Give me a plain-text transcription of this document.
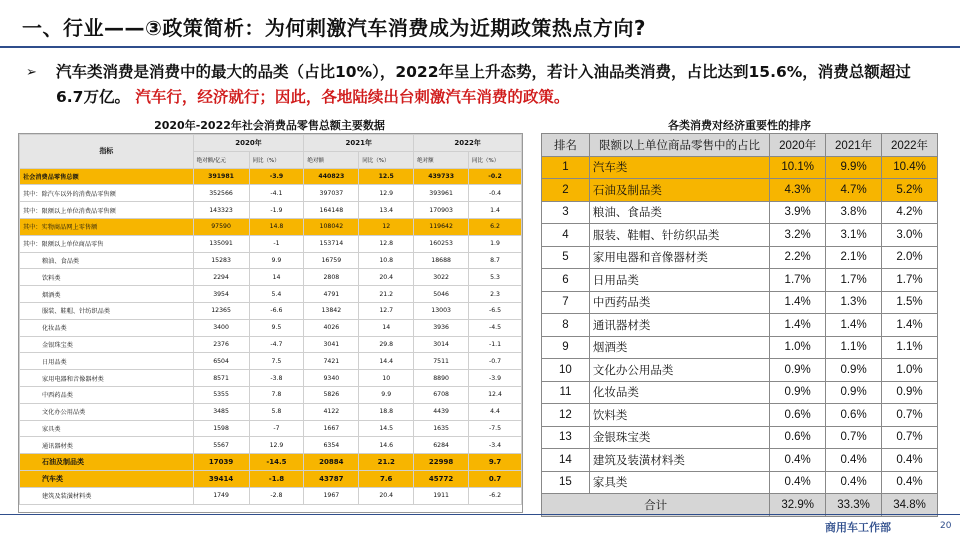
一、行业——③政策简析：为何刺激汽车消费成为近期政策热点方向?
➢ 汽车类消费是消费中的最大的品类（占比10%），2022年呈上升态势，若计入油品类消费，占比达到15.6%，消费总额超过6.7万亿。 汽车行，经济就行；因此，各地陆续出台刺激汽车消费的政策。
2020年-2022年社会消费品零售总额主要数据	各类消费对经济重要性的排序
指标	2020年		2021年		2022年	
	绝对额/亿元	同比（%）	绝对额	同比（%）	绝对额	同比（%）
社会消费品零售总额	391981	-3.9	440823	12.5	439733	-0.2
其中：除汽车以外的消费品零售额	352566	-4.1	397037	12.9	393961	-0.4
其中：限额以上单位消费品零售额	143323	-1.9	164148	13.4	170903	1.4
其中：实物商品网上零售额	97590	14.8	108042	12	119642	6.2
其中：限额以上单位商品零售	135091	-1	153714	12.8	160253	1.9
粮油、食品类	15283	9.9	16759	10.8	18688	8.7
饮料类	2294	14	2808	20.4	3022	5.3
烟酒类	3954	5.4	4791	21.2	5046	2.3
服装、鞋帽、针纺织品类	12365	-6.6	13842	12.7	13003	-6.5
化妆品类	3400	9.5	4026	14	3936	-4.5
金银珠宝类	2376	-4.7	3041	29.8	3014	-1.1
日用品类	6504	7.5	7421	14.4	7511	-0.7
家用电器和音像器材类	8571	-3.8	9340	10	8890	-3.9
中西药品类	5355	7.8	5826	9.9	6708	12.4
文化办公用品类	3485	5.8	4122	18.8	4439	4.4
家具类	1598	-7	1667	14.5	1635	-7.5
通讯器材类	5567	12.9	6354	14.6	6284	-3.4
石油及制品类	17039	-14.5	20884	21.2	22998	9.7
汽车类	39414	-1.8	43787	7.6	45772	0.7
建筑及装潢材料类	1749	-2.8	1967	20.4	1911	-6.2
排名	限额以上单位商品零售中的占比	2020年	2021年	2022年
1	汽车类	10.1%	9.9%	10.4%
2	石油及制品类	4.3%	4.7%	5.2%
3	粮油、食品类	3.9%	3.8%	4.2%
4	服装、鞋帽、针纺织品类	3.2%	3.1%	3.0%
5	家用电器和音像器材类	2.2%	2.1%	2.0%
6	日用品类	1.7%	1.7%	1.7%
7	中西药品类	1.4%	1.3%	1.5%
8	通讯器材类	1.4%	1.4%	1.4%
9	烟酒类	1.0%	1.1%	1.1%
10	文化办公用品类	0.9%	0.9%	1.0%
11	化妆品类	0.9%	0.9%	0.9%
12	饮料类	0.6%	0.6%	0.7%
13	金银珠宝类	0.6%	0.7%	0.7%
14	建筑及装潢材料类	0.4%	0.4%	0.4%
15	家具类	0.4%	0.4%	0.4%
合计		32.9%	33.3%	34.8%
商用车工作部	20
